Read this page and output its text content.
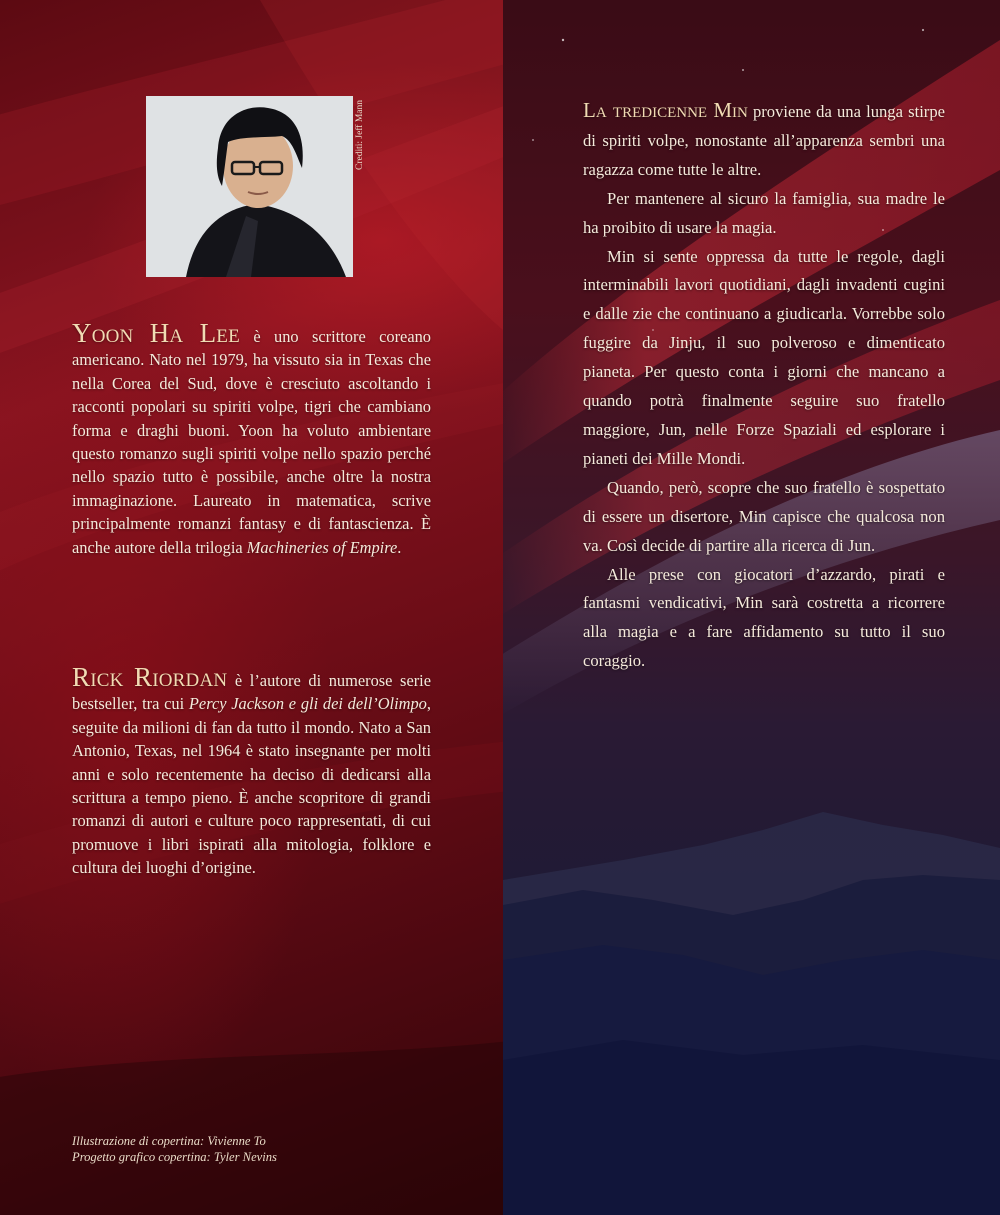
Crediti: Jeff Mann
Yoon Ha Lee è uno scrittore coreano americano. Nato nel 1979, ha vissuto sia in Texas che nella Corea del Sud, dove è cresciuto ascoltando i racconti popolari su spiriti volpe, tigri che cambiano forma e draghi buoni. Yoon ha voluto ambientare questo romanzo sugli spiriti volpe nello spazio perché nello spazio tutto è possibile, anche oltre la nostra immaginazione. Laureato in matematica, scrive principalmente romanzi fantasy e di fantascienza. È anche autore della trilogia Machineries of Empire.
Rick Riordan è l’autore di numerose serie bestseller, tra cui Percy Jackson e gli dei dell’Olimpo, seguite da milioni di fan da tutto il mondo. Nato a San Antonio, Texas, nel 1964 è stato insegnante per molti anni e solo recentemente ha deciso di dedicarsi alla scrittura a tempo pieno. È anche scopritore di grandi romanzi di autori e culture poco rappresentati, di cui promuove i libri ispirati alla mitologia, folklore e cultura dei luoghi d’origine.
Illustrazione di copertina: Vivienne To
Progetto grafico copertina: Tyler Nevins

La tredicenne Min proviene da una lunga stirpe di spiriti volpe, nonostante all’apparenza sembri una ragazza come tutte le altre.

Per mantenere al sicuro la famiglia, sua madre le ha proibito di usare la magia.

Min si sente oppressa da tutte le regole, dagli interminabili lavori quotidiani, dagli invadenti cugini e dalle zie che continuano a giudicarla. Vorrebbe solo fuggire da Jinju, il suo polveroso e dimenticato pianeta. Per questo conta i giorni che mancano a quando potrà finalmente seguire suo fratello maggiore, Jun, nelle Forze Spaziali ed esplorare i pianeti dei Mille Mondi.

Quando, però, scopre che suo fratello è sospettato di essere un disertore, Min capisce che qualcosa non va. Così decide di partire alla ricerca di Jun.

Alle prese con giocatori d’azzardo, pirati e fantasmi vendicativi, Min sarà costretta a ricorrere alla magia e a fare affidamento su tutto il suo coraggio.
